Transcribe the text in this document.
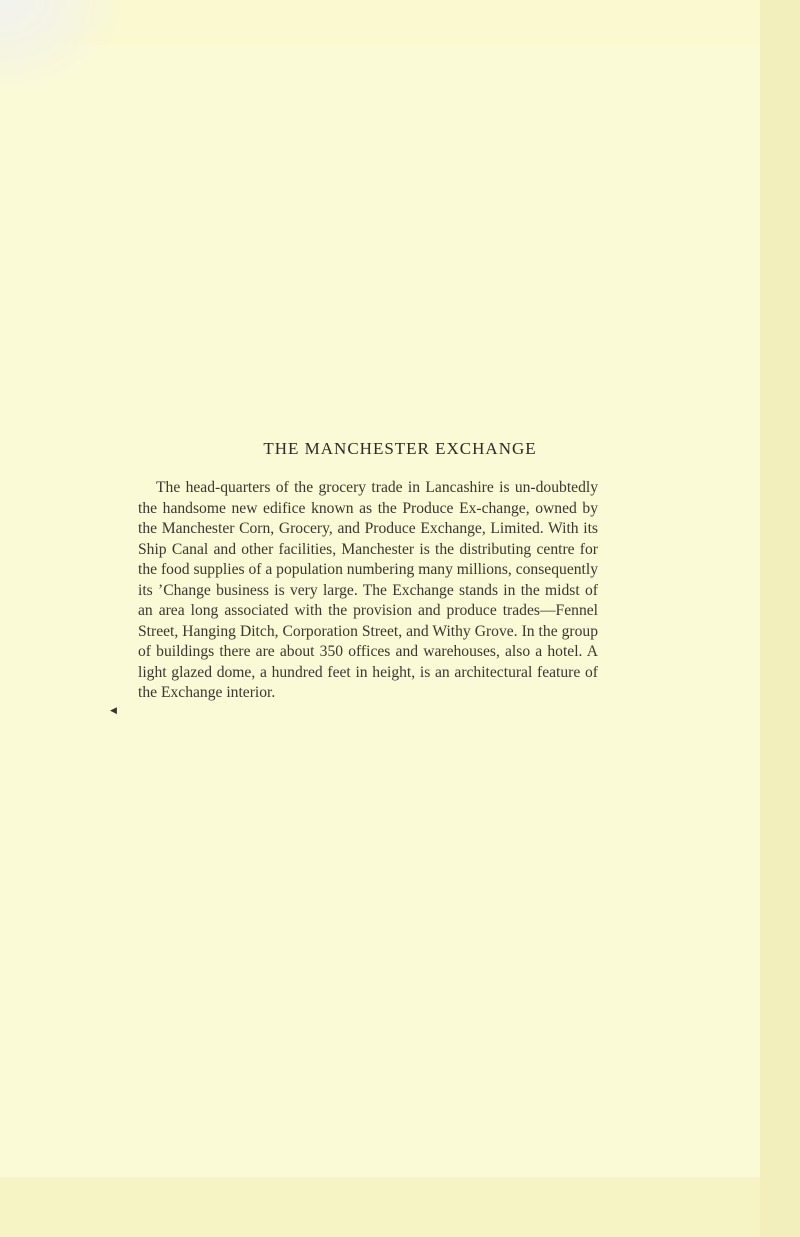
THE MANCHESTER EXCHANGE

The head-quarters of the grocery trade in Lancashire is un-doubtedly the handsome new edifice known as the Produce Ex-change, owned by the Manchester Corn, Grocery, and Produce Exchange, Limited. With its Ship Canal and other facilities, Manchester is the distributing centre for the food supplies of a population numbering many millions, consequently its ’Change business is very large. The Exchange stands in the midst of an area long associated with the provision and produce trades—Fennel Street, Hanging Ditch, Corporation Street, and Withy Grove. In the group of buildings there are about 350 offices and warehouses, also a hotel. A light glazed dome, a hundred feet in height, is an architectural feature of the Exchange interior.

◀
